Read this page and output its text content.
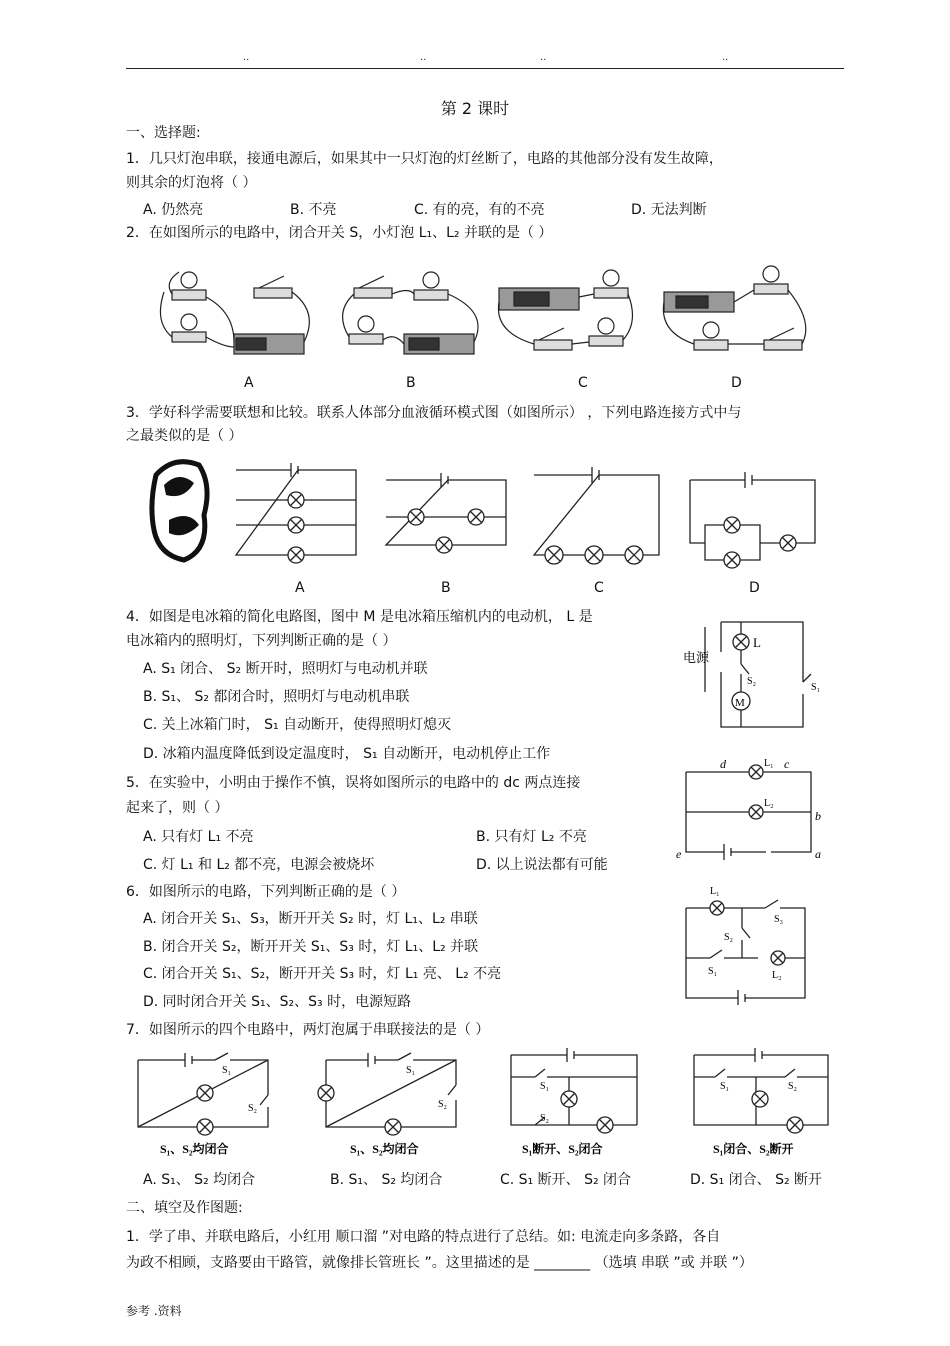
..	..	..	..
第 2 课时
一、选择题:
1．几只灯泡串联，接通电源后，如果其中一只灯泡的灯丝断了，电路的其他部分没有发生故障，
则其余的灯泡将（ ）
A. 仍然亮	B. 不亮	C. 有的亮，有的不亮	D. 无法判断
2．在如图所示的电路中，闭合开关 S，小灯泡 L₁、L₂ 并联的是（ ）
A	B	C	D
3．学好科学需要联想和比较。联系人体部分血液循环模式图（如图所示） ，下列电路连接方式中与
之最类似的是（ ）
A	B	C	D
4．如图是电冰箱的简化电路图，图中 M 是电冰箱压缩机内的电动机， L 是
电冰箱内的照明灯，下列判断正确的是（ ）
A. S₁ 闭合、 S₂ 断开时，照明灯与电动机并联
B. S₁、 S₂ 都闭合时，照明灯与电动机串联
C. 关上冰箱门时， S₁ 自动断开，使得照明灯熄灭
D. 冰箱内温度降低到设定温度时， S₁ 自动断开，电动机停止工作
电源
L
M
S₂
S₁
5．在实验中，小明由于操作不慎，误将如图所示的电路中的 dc 两点连接
起来了，则（ ）
A. 只有灯 L₁ 不亮	B. 只有灯 L₂ 不亮
C. 灯 L₁ 和 L₂ 都不亮，电源会被烧坏	D. 以上说法都有可能
d	c
b
e	a
L₁
L₂
6．如图所示的电路，下列判断正确的是（ ）
A. 闭合开关 S₁、S₃，断开开关 S₂ 时，灯 L₁、L₂ 串联
B. 闭合开关 S₂，断开开关 S₁、S₃ 时，灯 L₁、L₂ 并联
C. 闭合开关 S₁、S₂，断开开关 S₃ 时，灯 L₁ 亮、 L₂ 不亮
D. 同时闭合开关 S₁、S₂、S₃ 时，电源短路
L₁
L₂
S₃
S₂
S₁
7．如图所示的四个电路中，两灯泡属于串联接法的是（ ）
S₁
S₂
S₁
S₂
S₁
S₂
S₁	S₂
S₁、S₂均闭合	S₁、S₂均闭合	S₁断开、S₂闭合	S₁闭合、S₂断开
A. S₁、 S₂ 均闭合	B. S₁、 S₂ 均闭合	C. S₁ 断开、 S₂ 闭合	D. S₁ 闭合、 S₂ 断开
二、填空及作图题:
1．学了串、并联电路后，小红用 顺口溜 ”对电路的特点进行了总结。如: 电流走向多条路，各自
为政不相顾，支路要由干路管，就像排长管班长 ”。这里描述的是 ________ （选填 串联 ”或 并联 ”）
参考 .资料
